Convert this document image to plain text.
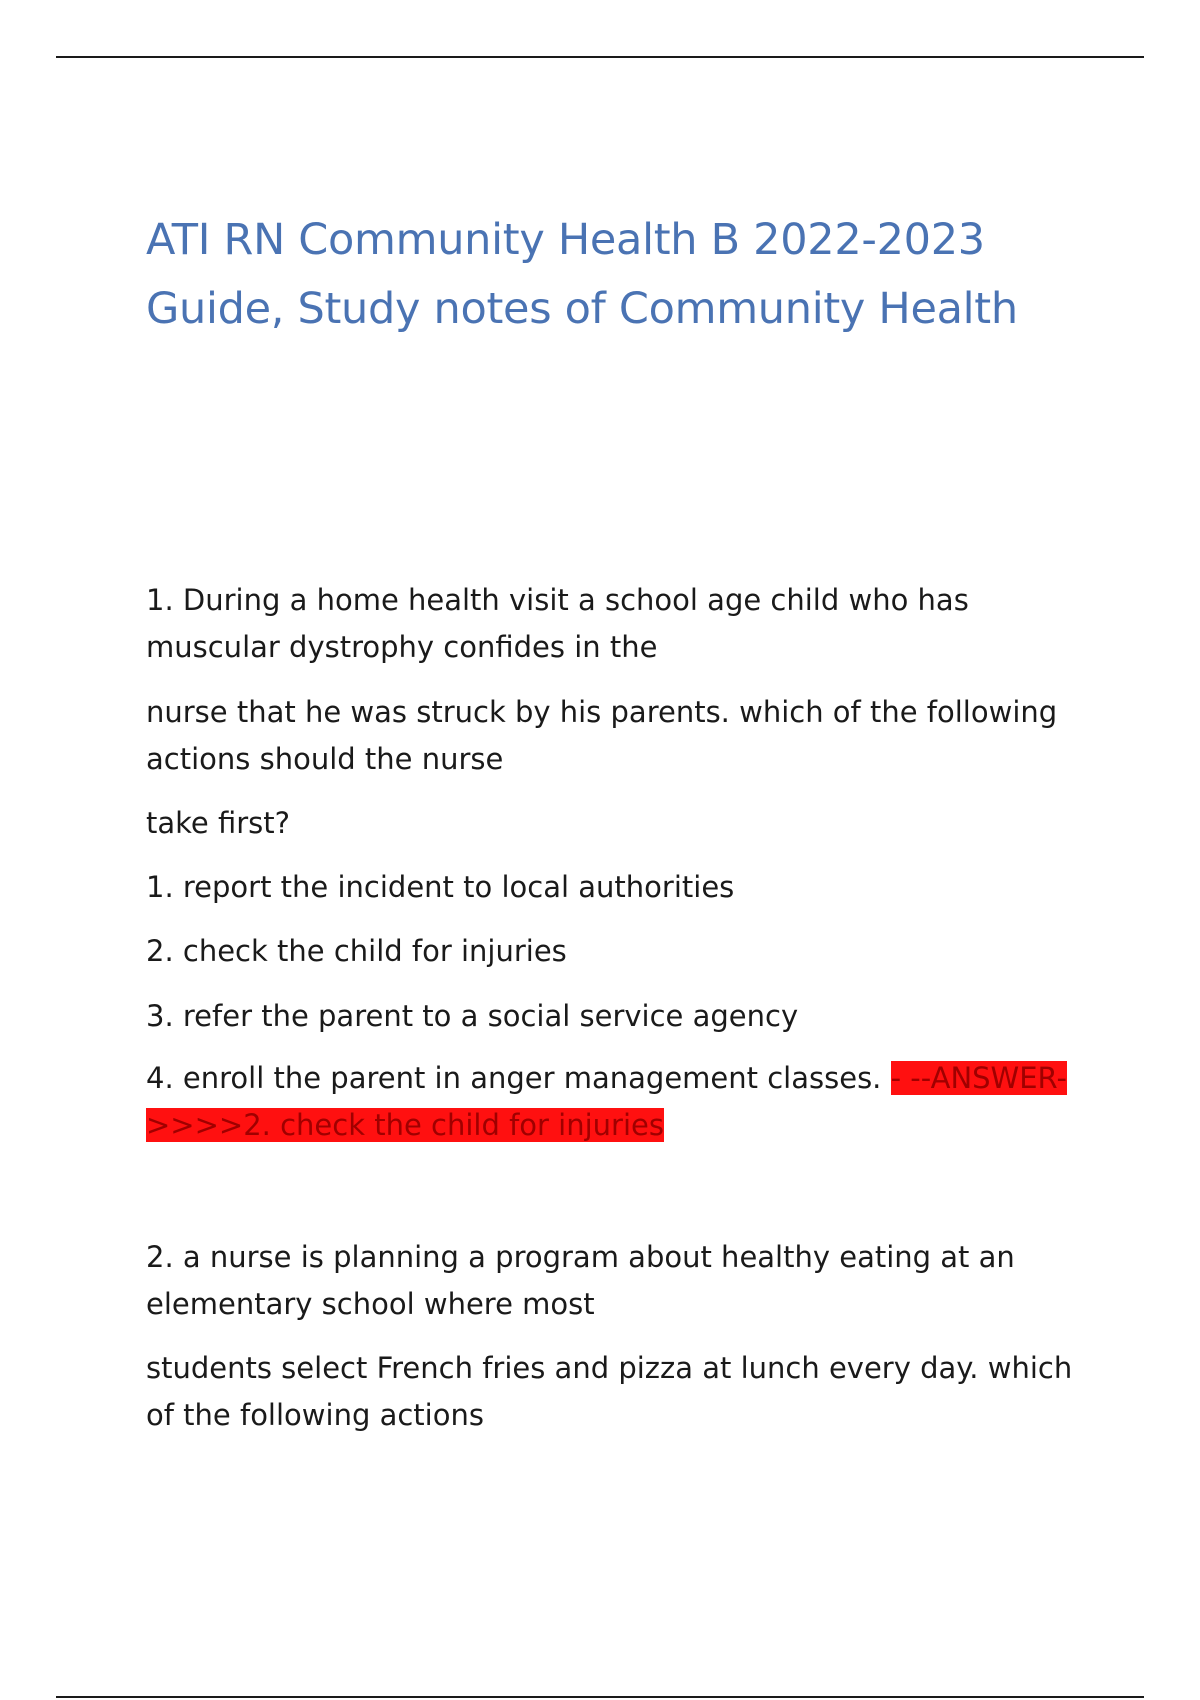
ATI RN Community Health B 2022-2023
Guide, Study notes of Community Health

1. During a home health visit a school age child who has
muscular dystrophy confides in the

nurse that he was struck by his parents. which of the following
actions should the nurse

take first?

1. report the incident to local authorities

2. check the child for injuries

3. refer the parent to a social service agency

4. enroll the parent in anger management classes. - --ANSWER-
>>>>2. check the child for injuries

2. a nurse is planning a program about healthy eating at an
elementary school where most

students select French fries and pizza at lunch every day. which
of the following actions
